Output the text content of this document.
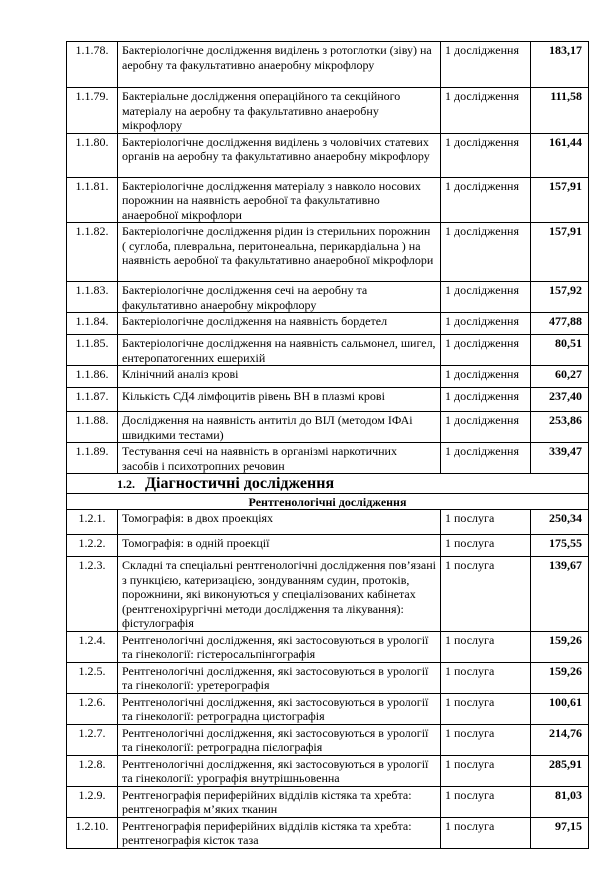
1.1.78.	Бактеріологічне дослідження виділень з ротоглотки (зіву) на аеробну та факультативно анаеробну мікрофлору	1 дослідження	183,17
1.1.79.	Бактеріальне дослідження операційного та секційного матеріалу на аеробну та факультативно анаеробну мікрофлору	1 дослідження	111,58
1.1.80.	Бактеріологічне дослідження виділень з чоловічих статевих органів на аеробну та факультативно анаеробну мікрофлору	1 дослідження	161,44
1.1.81.	Бактеріологічне дослідження матеріалу з навколо носових порожнин на наявність аеробної та факультативно анаеробної мікрофлори	1 дослідження	157,91
1.1.82.	Бактеріологічне дослідження рідин із стерильних порожнин ( суглоба, плевральна, перитонеальна, перикардіальна ) на наявність аеробної та факультативно анаеробної мікрофлори	1 дослідження	157,91
1.1.83.	Бактеріологічне дослідження сечі на аеробну та факультативно анаеробну мікрофлору	1 дослідження	157,92
1.1.84.	Бактеріологічне дослідження на наявність бордетел	1 дослідження	477,88
1.1.85.	Бактеріологічне дослідження на наявність сальмонел, шигел, ентеропатогенних ешерихій	1 дослідження	80,51
1.1.86.	Клінічний аналіз крові	1 дослідження	60,27
1.1.87.	Кількість СД4 лімфоцитів рівень ВН в плазмі крові	1 дослідження	237,40
1.1.88.	Дослідження на наявність антитіл до ВІЛ (методом ІФАі швидкими тестами)	1 дослідження	253,86
1.1.89.	Тестування сечі на наявність в організмі наркотичних засобів і психотропних речовин	1 дослідження	339,47
1.2. Діагностичні дослідження			
Рентгенологічні дослідження			
1.2.1.	Томографія: в двох проекціях	1 послуга	250,34
1.2.2.	Томографія: в одній проекції	1 послуга	175,55
1.2.3.	Складні та спеціальні рентгенологічні дослідження пов’язані з пункцією, катеризацією, зондуванням судин, протоків, порожнини, які виконуються у спеціалізованих кабінетах (рентгенохірургічні методи дослідження та лікування): фістулографія	1 послуга	139,67
1.2.4.	Рентгенологічні дослідження, які застосовуються в урології та гінекології: гістеросальпінгографія	1 послуга	159,26
1.2.5.	Рентгенологічні дослідження, які застосовуються в урології та гінекології: уретерографія	1 послуга	159,26
1.2.6.	Рентгенологічні дослідження, які застосовуються в урології та гінекології: ретроградна цистографія	1 послуга	100,61
1.2.7.	Рентгенологічні дослідження, які застосовуються в урології та гінекології: ретроградна пієлографія	1 послуга	214,76
1.2.8.	Рентгенологічні дослідження, які застосовуються в урології та гінекології: урографія внутрішньовенна	1 послуга	285,91
1.2.9.	Рентгенографія периферійних відділів кістяка та хребта: рентгенографія м’яких тканин	1 послуга	81,03
1.2.10.	Рентгенографія периферійних відділів кістяка та хребта: рентгенографія кісток таза	1 послуга	97,15
